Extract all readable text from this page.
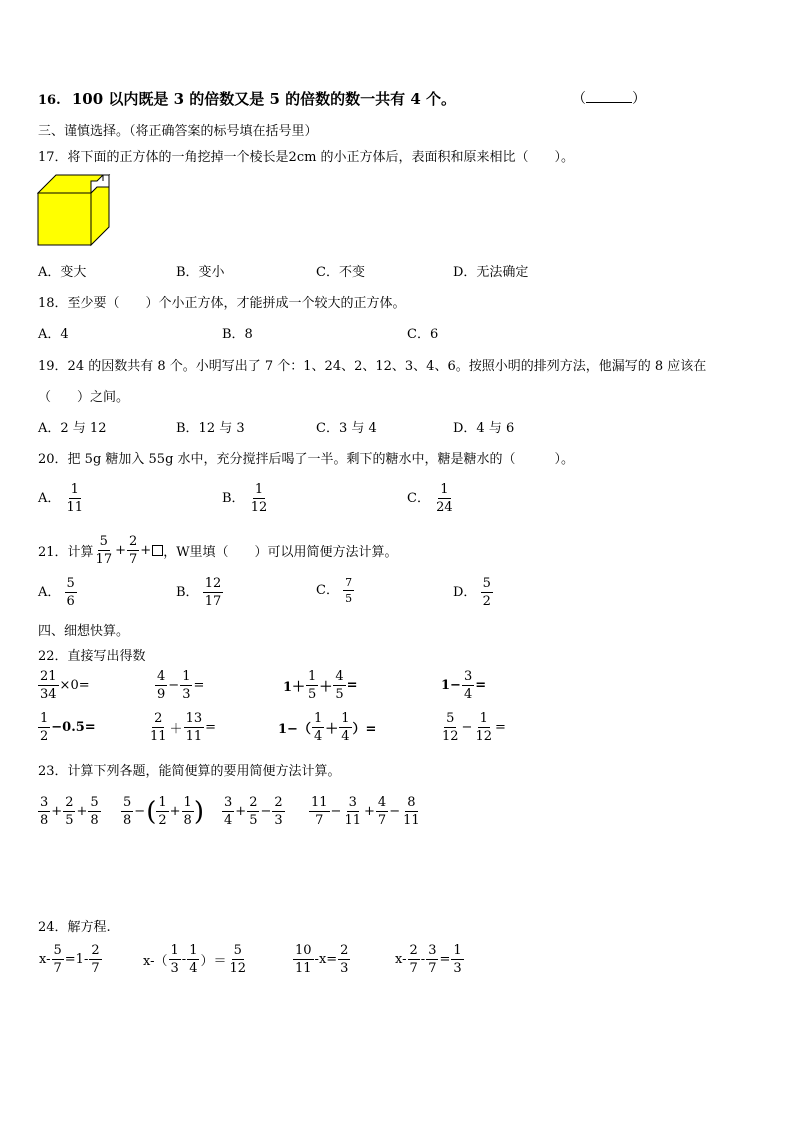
16. 100 以内既是 3 的倍数又是 5 的倍数的数一共有 4 个。	（	）
三、谨慎选择。（将正确答案的标号填在括号里）
17．将下面的正方体的一角挖掉一个棱长是2cm 的小正方体后，表面积和原来相比（　　）。
A．变大	B．变小	C．不变	D．无法确定
18．至少要（　　）个小正方体，才能拼成一个较大的正方体。
A．4	B．8	C．6
19．24 的因数共有 8 个。小明写出了 7 个：1、24、2、12、3、4、6。按照小明的排列方法，他漏写的 8 应该在
（　　）之间。
A．2 与 12	B．12 与 3	C．3 与 4	D．4 与 6
20．把 5g 糖加入 55g 水中，充分搅拌后喝了一半。剩下的糖水中，糖是糖水的（　　　）。
A． $\frac{1}{11}$	B． $\frac{1}{12}$	C． $\frac{1}{24}$
21．计算 $\frac{5}{17} + \frac{2}{7}$ + ，W里填（　　）可以用简便方法计算。
A． $\frac{5}{6}$	B． $\frac{12}{17}$	C． $\frac{7}{5}$	D． $\frac{5}{2}$
四、细想快算。
22．直接写出得数
$\frac{21}{34} \times 0=$	$\frac{4}{9} - \frac{1}{3}$ =	$1+ \frac{1}{5} + \frac{4}{5}$ =	$1- \frac{3}{4}$ =
$\frac{1}{2} -0.5=$	$\frac{2}{11} + \frac{13}{11}$ =	$1-( \frac{1}{4} + \frac{1}{4}$ ）=	$\frac{5}{12} - \frac{1}{12}$ =
23．计算下列各题，能简便算的要用简便方法计算。
$\frac{3}{8} + \frac{2}{5} + \frac{5}{8} \frac{5}{8}$ −( $\frac{1}{2} + \frac{1}{8}$ ) $\frac{3}{4} + \frac{2}{5} - \frac{2}{3} \frac{11}{7} - \frac{3}{11} + \frac{4}{7} - \frac{8}{11}$
24．解方程.
$x- \frac{5}{7} =1- \frac{2}{7}$	$x-( \frac{1}{3} - \frac{1}{4}$ ）＝ $\frac{5}{12}$	$\frac{10}{11} -x= \frac{2}{3}$	$x- \frac{2}{7} - \frac{3}{7} = \frac{1}{3}$
